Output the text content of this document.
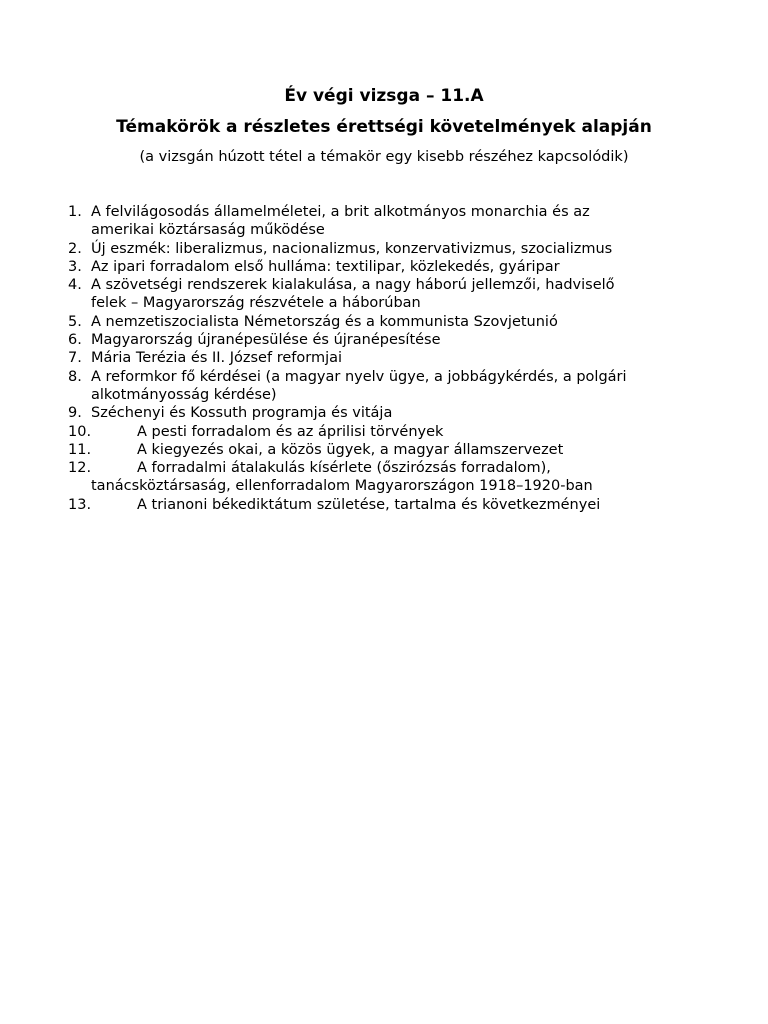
Év végi vizsga – 11.A
Témakörök a részletes érettségi követelmények alapján
(a vizsgán húzott tétel a témakör egy kisebb részéhez kapcsolódik)
1. A felvilágosodás államelméletei, a brit alkotmányos monarchia és az
amerikai köztársaság működése
2. Új eszmék: liberalizmus, nacionalizmus, konzervativizmus, szocializmus
3. Az ipari forradalom első hulláma: textilipar, közlekedés, gyáripar
4. A szövetségi rendszerek kialakulása, a nagy háború jellemzői, hadviselő
felek – Magyarország részvétele a háborúban
5. A nemzetiszocialista Németország és a kommunista Szovjetunió
6. Magyarország újranépesülése és újranépesítése
7. Mária Terézia és II. József reformjai
8. A reformkor fő kérdései (a magyar nyelv ügye, a jobbágykérdés, a polgári
alkotmányosság kérdése)
9. Széchenyi és Kossuth programja és vitája
10.	A pesti forradalom és az áprilisi törvények
11.	A kiegyezés okai, a közös ügyek, a magyar államszervezet
12.	A forradalmi átalakulás kísérlete (őszirózsás forradalom),
tanácsköztársaság, ellenforradalom Magyarországon 1918–1920-ban
13.	A trianoni békediktátum születése, tartalma és következményei
